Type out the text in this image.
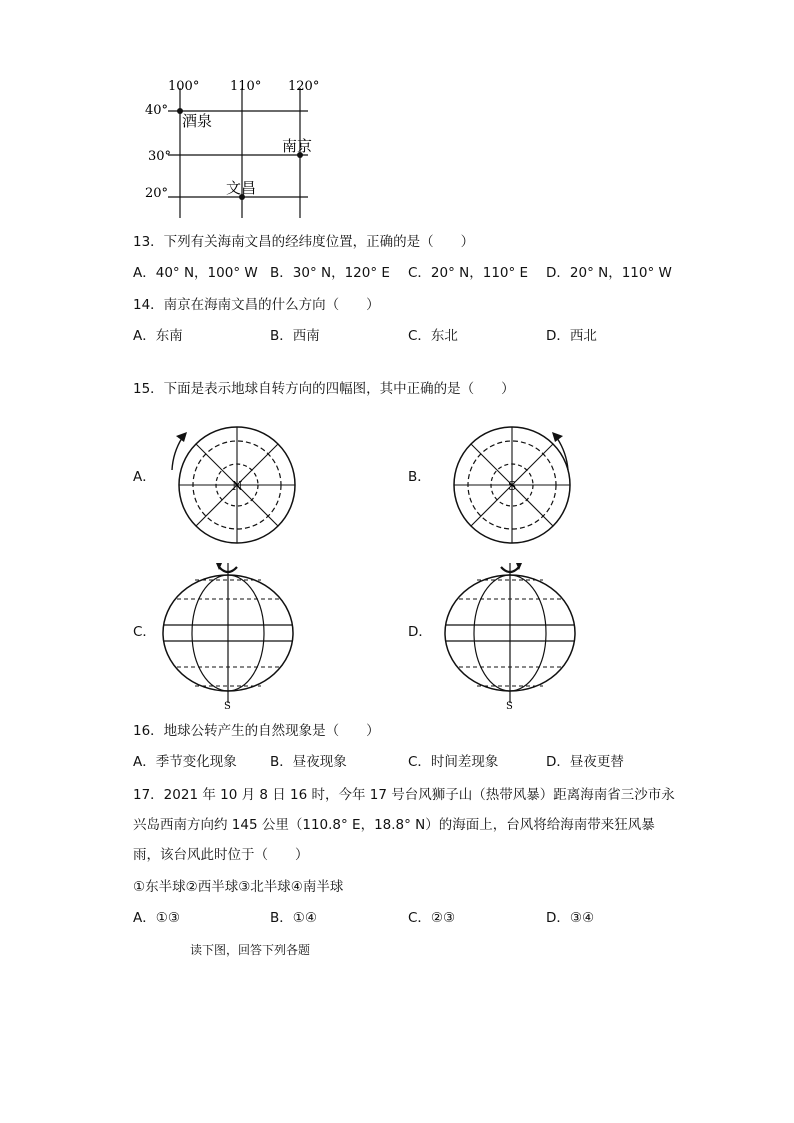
100° 110° 120°
40°
30°
20°
酒泉
南京
文昌
13．下列有关海南文昌的经纬度位置，正确的是（　　）
A．40° N，100° W B．30° N，120° E C．20° N，110° E D．20° N，110° W
14．南京在海南文昌的什么方向（　　）
A．东南	B．西南	C．东北	D．西北
15．下面是表示地球自转方向的四幅图，其中正确的是（　　）
A．
N
B．
S
C．
S
D．
S
16．地球公转产生的自然现象是（　　）
A．季节变化现象 B．昼夜现象	C．时间差现象	D．昼夜更替
17．2021 年 10 月 8 日 16 时，今年 17 号台风狮子山（热带风暴）距离海南省三沙市永
兴岛西南方向约 145 公里（110.8° E，18.8° N）的海面上，台风将给海南带来狂风暴
雨，该台风此时位于（　　）
①东半球②西半球③北半球④南半球
A．①③	B．①④	C．②③	D．③④
读下图，回答下列各题
